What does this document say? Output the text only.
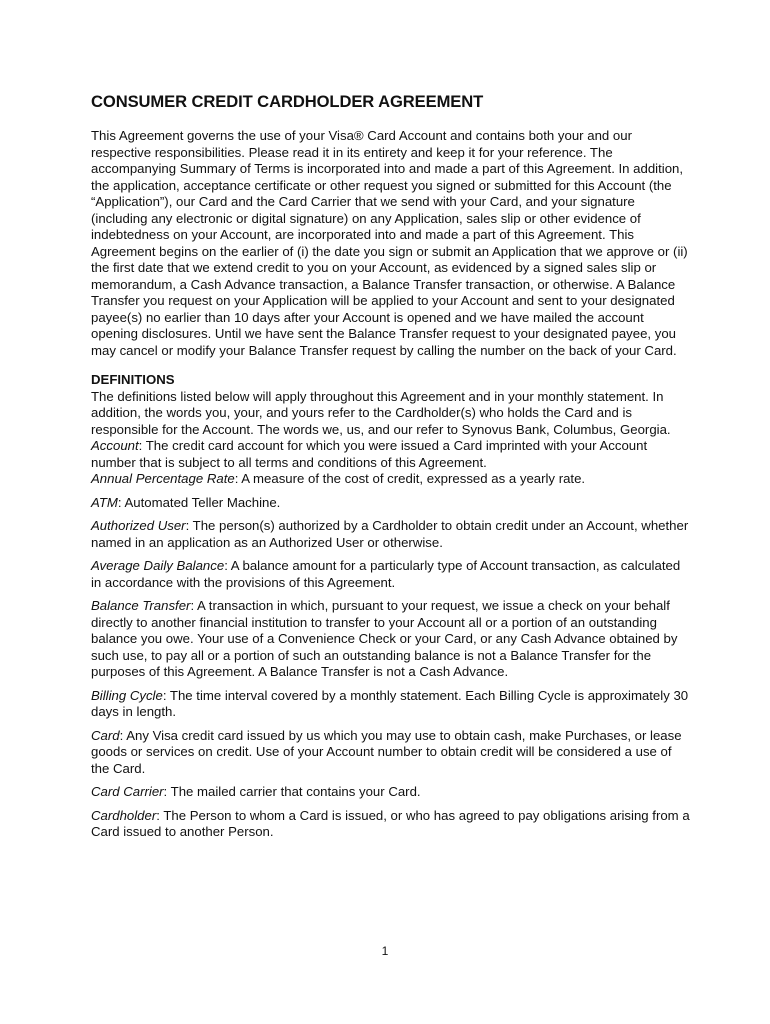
CONSUMER CREDIT CARDHOLDER AGREEMENT

This Agreement governs the use of your Visa® Card Account and contains both your and our respective responsibilities. Please read it in its entirety and keep it for your reference. The accompanying Summary of Terms is incorporated into and made a part of this Agreement. In addition, the application, acceptance certificate or other request you signed or submitted for this Account (the “Application”), our Card and the Card Carrier that we send with your Card, and your signature (including any electronic or digital signature) on any Application, sales slip or other evidence of indebtedness on your Account, are incorporated into and made a part of this Agreement. This Agreement begins on the earlier of (i) the date you sign or submit an Application that we approve or (ii) the first date that we extend credit to you on your Account, as evidenced by a signed sales slip or memorandum, a Cash Advance transaction, a Balance Transfer transaction, or otherwise. A Balance Transfer you request on your Application will be applied to your Account and sent to your designated payee(s) no earlier than 10 days after your Account is opened and we have mailed the account opening disclosures. Until we have sent the Balance Transfer request to your designated payee, you may cancel or modify your Balance Transfer request by calling the number on the back of your Card.

DEFINITIONS

The definitions listed below will apply throughout this Agreement and in your monthly statement. In addition, the words you, your, and yours refer to the Cardholder(s) who holds the Card and is responsible for the Account. The words we, us, and our refer to Synovus Bank, Columbus, Georgia.

Account: The credit card account for which you were issued a Card imprinted with your Account number that is subject to all terms and conditions of this Agreement.

Annual Percentage Rate: A measure of the cost of credit, expressed as a yearly rate.

ATM: Automated Teller Machine.

Authorized User: The person(s) authorized by a Cardholder to obtain credit under an Account, whether named in an application as an Authorized User or otherwise.

Average Daily Balance: A balance amount for a particularly type of Account transaction, as calculated in accordance with the provisions of this Agreement.

Balance Transfer: A transaction in which, pursuant to your request, we issue a check on your behalf directly to another financial institution to transfer to your Account all or a portion of an outstanding balance you owe. Your use of a Convenience Check or your Card, or any Cash Advance obtained by such use, to pay all or a portion of such an outstanding balance is not a Balance Transfer for the purposes of this Agreement. A Balance Transfer is not a Cash Advance.

Billing Cycle: The time interval covered by a monthly statement. Each Billing Cycle is approximately 30 days in length.

Card: Any Visa credit card issued by us which you may use to obtain cash, make Purchases, or lease goods or services on credit. Use of your Account number to obtain credit will be considered a use of the Card.

Card Carrier: The mailed carrier that contains your Card.

Cardholder: The Person to whom a Card is issued, or who has agreed to pay obligations arising from a Card issued to another Person.

1
